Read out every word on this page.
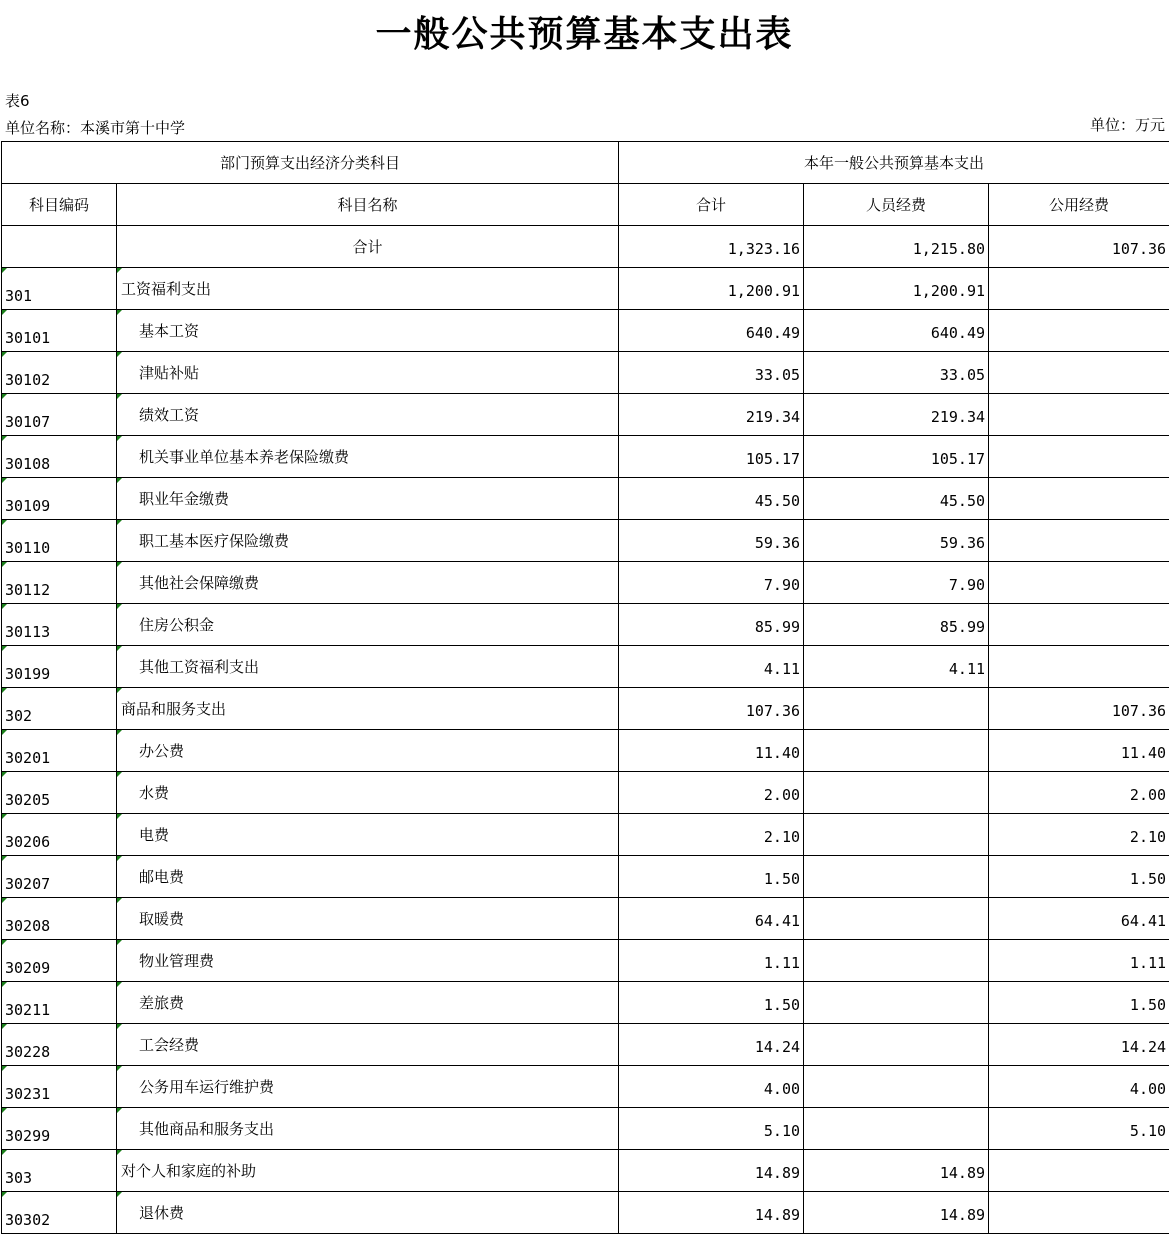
一般公共预算基本支出表
表6
单位名称：本溪市第十中学	单位：万元
部门预算支出经济分类科目		本年一般公共预算基本支出		
科目编码	科目名称	合计	人员经费	公用经费
	合计	1,323.16	1,215.80	107.36
301	工资福利支出	1,200.91	1,200.91	
30101	基本工资	640.49	640.49	
30102	津贴补贴	33.05	33.05	
30107	绩效工资	219.34	219.34	
30108	机关事业单位基本养老保险缴费	105.17	105.17	
30109	职业年金缴费	45.50	45.50	
30110	职工基本医疗保险缴费	59.36	59.36	
30112	其他社会保障缴费	7.90	7.90	
30113	住房公积金	85.99	85.99	
30199	其他工资福利支出	4.11	4.11	
302	商品和服务支出	107.36		107.36
30201	办公费	11.40		11.40
30205	水费	2.00		2.00
30206	电费	2.10		2.10
30207	邮电费	1.50		1.50
30208	取暖费	64.41		64.41
30209	物业管理费	1.11		1.11
30211	差旅费	1.50		1.50
30228	工会经费	14.24		14.24
30231	公务用车运行维护费	4.00		4.00
30299	其他商品和服务支出	5.10		5.10
303	对个人和家庭的补助	14.89	14.89	
30302	退休费	14.89	14.89	
